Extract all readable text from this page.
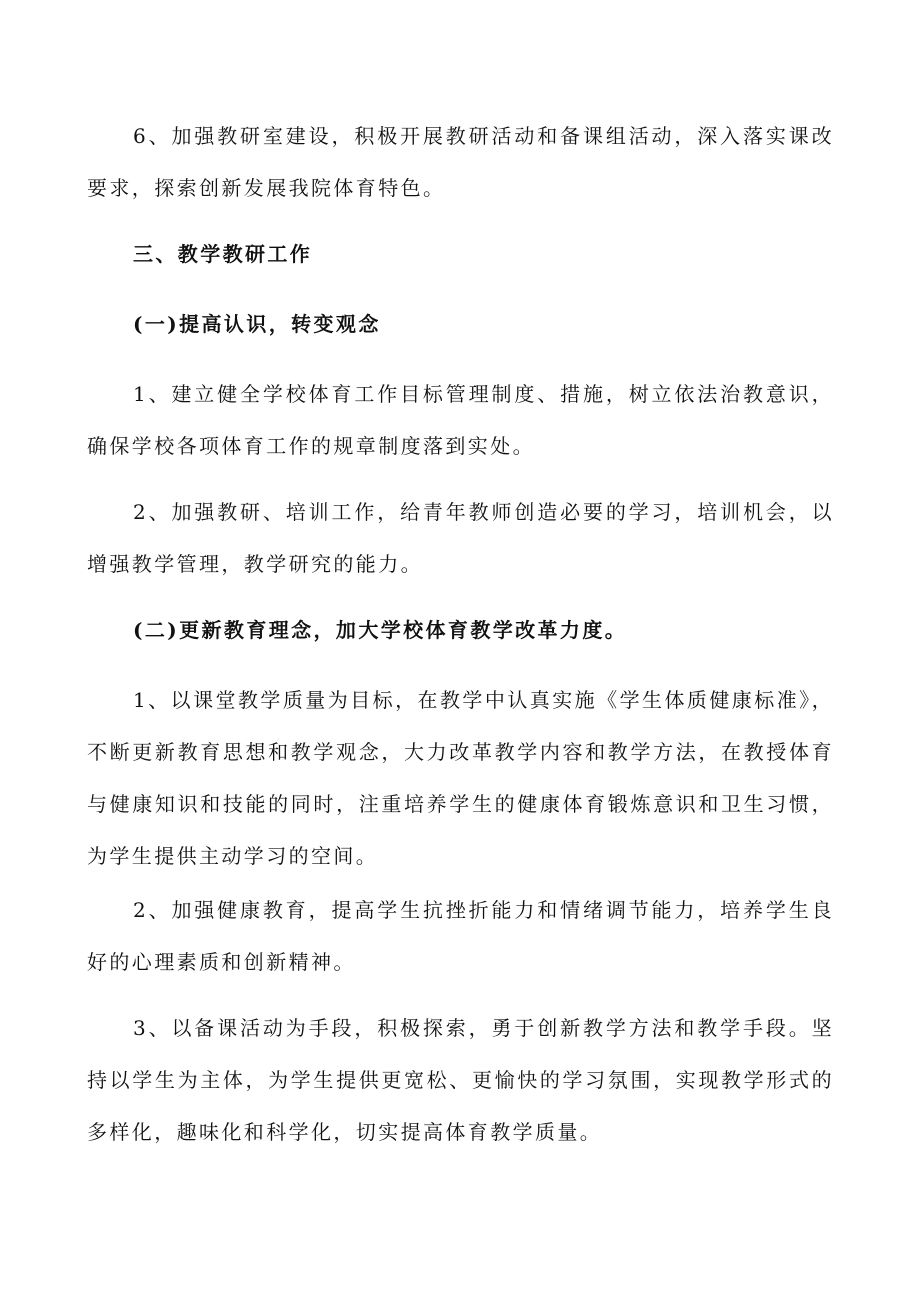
6、加强教研室建设，积极开展教研活动和备课组活动，深入落实课改要求，探索创新发展我院体育特色。

三、教学教研工作

(一)提高认识，转变观念

1、建立健全学校体育工作目标管理制度、措施，树立依法治教意识，确保学校各项体育工作的规章制度落到实处。

2、加强教研、培训工作，给青年教师创造必要的学习，培训机会，以增强教学管理，教学研究的能力。

(二)更新教育理念，加大学校体育教学改革力度。

1、以课堂教学质量为目标，在教学中认真实施《学生体质健康标准》，不断更新教育思想和教学观念，大力改革教学内容和教学方法，在教授体育与健康知识和技能的同时，注重培养学生的健康体育锻炼意识和卫生习惯，为学生提供主动学习的空间。

2、加强健康教育，提高学生抗挫折能力和情绪调节能力，培养学生良好的心理素质和创新精神。

3、以备课活动为手段，积极探索，勇于创新教学方法和教学手段。坚持以学生为主体，为学生提供更宽松、更愉快的学习氛围，实现教学形式的多样化，趣味化和科学化，切实提高体育教学质量。
